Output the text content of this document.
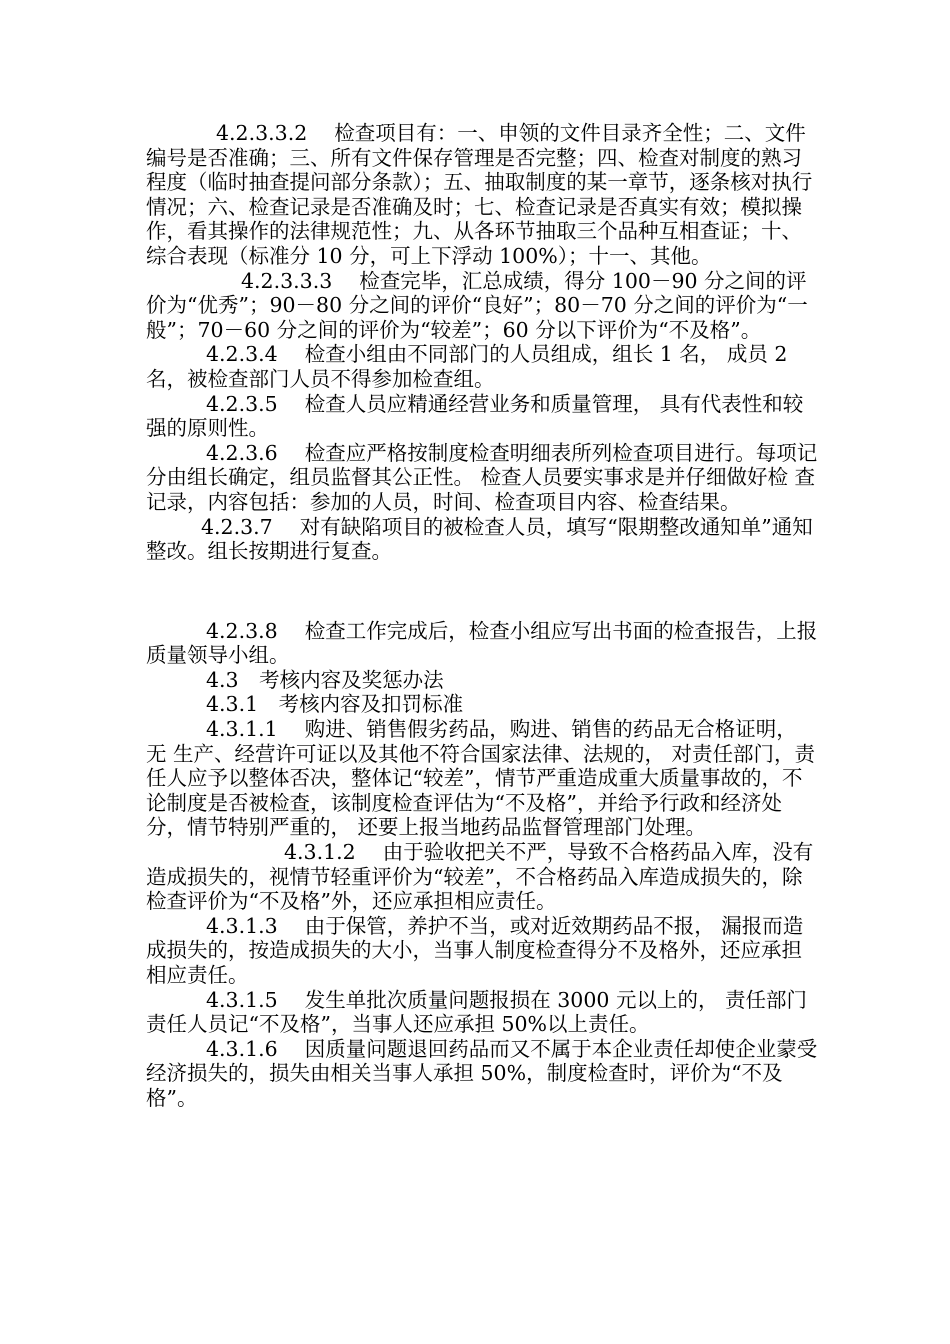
4.2.3.3.2　 检查项目有：一、申领的文件目录齐全性；二、文件编号是否准确；三、所有文件保存管理是否完整；四、检查对制度的熟习程度（临时抽查提问部分条款）；五、抽取制度的某一章节，逐条核对执行情况；六、检查记录是否准确及时；七、检查记录是否真实有效；模拟操作，看其操作的法律规范性；九、从各环节抽取三个品种互相查证；十、综合表现（标准分 10 分，可上下浮动 100%）；十一、其他。

4.2.3.3.3　 检查完毕，汇总成绩，得分 100－90 分之间的评价为“优秀”；90－80 分之间的评价“良好”；80－70 分之间的评价为“一般”；70－60 分之间的评价为“较差”；60 分以下评价为“不及格”。

4.2.3.4　 检查小组由不同部门的人员组成，组长 1 名， 成员 2 名，被检查部门人员不得参加检查组。

4.2.3.5　 检查人员应精通经营业务和质量管理， 具有代表性和较强的原则性。

4.2.3.6　 检查应严格按制度检查明细表所列检查项目进行。每项记分由组长确定，组员监督其公正性。 检查人员要实事求是并仔细做好检 查记录，内容包括：参加的人员，时间、检查项目内容、检查结果。

4.2.3.7　 对有缺陷项目的被检查人员，填写“限期整改通知单”通知整改。组长按期进行复查。

4.2.3.8　 检查工作完成后，检查小组应写出书面的检查报告，上报质量领导小组。

4.3　考核内容及奖惩办法

4.3.1　考核内容及扣罚标准

4.3.1.1　 购进、销售假劣药品，购进、销售的药品无合格证明， 无 生产、经营许可证以及其他不符合国家法律、法规的， 对责任部门，责任人应予以整体否决，整体记“较差”，情节严重造成重大质量事故的，不论制度是否被检查，该制度检查评估为“不及格”，并给予行政和经济处分，情节特别严重的， 还要上报当地药品监督管理部门处理。

4.3.1.2　 由于验收把关不严，导致不合格药品入库，没有造成损失的，视情节轻重评价为“较差”，不合格药品入库造成损失的，除检查评价为“不及格”外，还应承担相应责任。

4.3.1.3　 由于保管，养护不当，或对近效期药品不报， 漏报而造成损失的，按造成损失的大小，当事人制度检查得分不及格外，还应承担相应责任。

4.3.1.5　 发生单批次质量问题报损在 3000 元以上的， 责任部门责任人员记“不及格”，当事人还应承担 50%以上责任。

4.3.1.6　 因质量问题退回药品而又不属于本企业责任却使企业蒙受经济损失的，损失由相关当事人承担 50%，制度检查时，评价为“不及格”。
